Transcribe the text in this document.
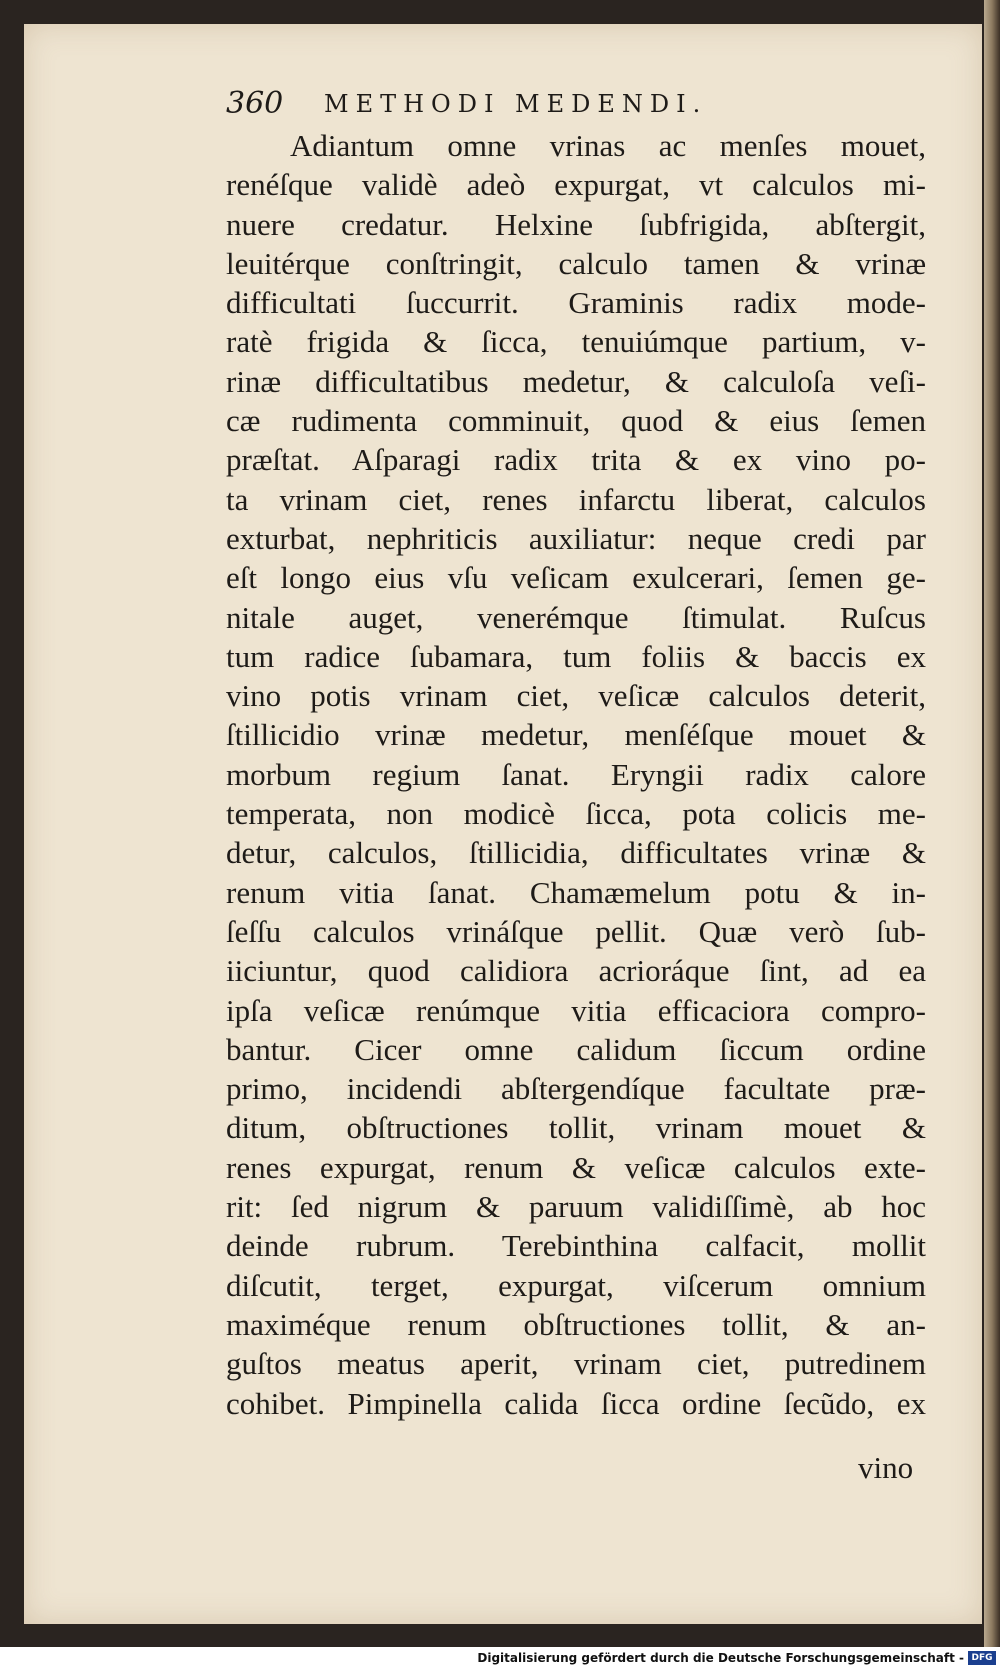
360 METHODI MEDENDI.
Adiantum omne vrinas ac menſes mouet,
renéſque validè adeò expurgat, vt calculos mi-
nuere credatur. Helxine ſubfrigida, abſtergit,
leuitérque conſtringit, calculo tamen & vrinæ
difficultati ſuccurrit. Graminis radix mode-
ratè frigida & ſicca, tenuiúmque partium, v-
rinæ difficultatibus medetur, & calculoſa veſi-
cæ rudimenta comminuit, quod & eius ſemen
præſtat. Aſparagi radix trita & ex vino po-
ta vrinam ciet, renes infarctu liberat, calculos
exturbat, nephriticis auxiliatur: neque credi par
eſt longo eius vſu veſicam exulcerari, ſemen ge-
nitale auget, venerémque ſtimulat. Ruſcus
tum radice ſubamara, tum foliis & baccis ex
vino potis vrinam ciet, veſicæ calculos deterit,
ſtillicidio vrinæ medetur, menſéſque mouet &
morbum regium ſanat. Eryngii radix calore
temperata, non modicè ſicca, pota colicis me-
detur, calculos, ſtillicidia, difficultates vrinæ &
renum vitia ſanat. Chamæmelum potu & in-
ſeſſu calculos vrináſque pellit. Quæ verò ſub-
iiciuntur, quod calidiora acrioráque ſint, ad ea
ipſa veſicæ renúmque vitia efficaciora compro-
bantur. Cicer omne calidum ſiccum ordine
primo, incidendi abſtergendíque facultate præ-
ditum, obſtructiones tollit, vrinam mouet &
renes expurgat, renum & veſicæ calculos exte-
rit: ſed nigrum & paruum validiſſimè, ab hoc
deinde rubrum. Terebinthina calfacit, mollit
diſcutit, terget, expurgat, viſcerum omnium
maximéque renum obſtructiones tollit, & an-
guſtos meatus aperit, vrinam ciet, putredinem
cohibet. Pimpinella calida ſicca ordine ſecũdo, ex
vino
Digitalisierung gefördert durch die Deutsche Forschungsgemeinschaft - DFG
